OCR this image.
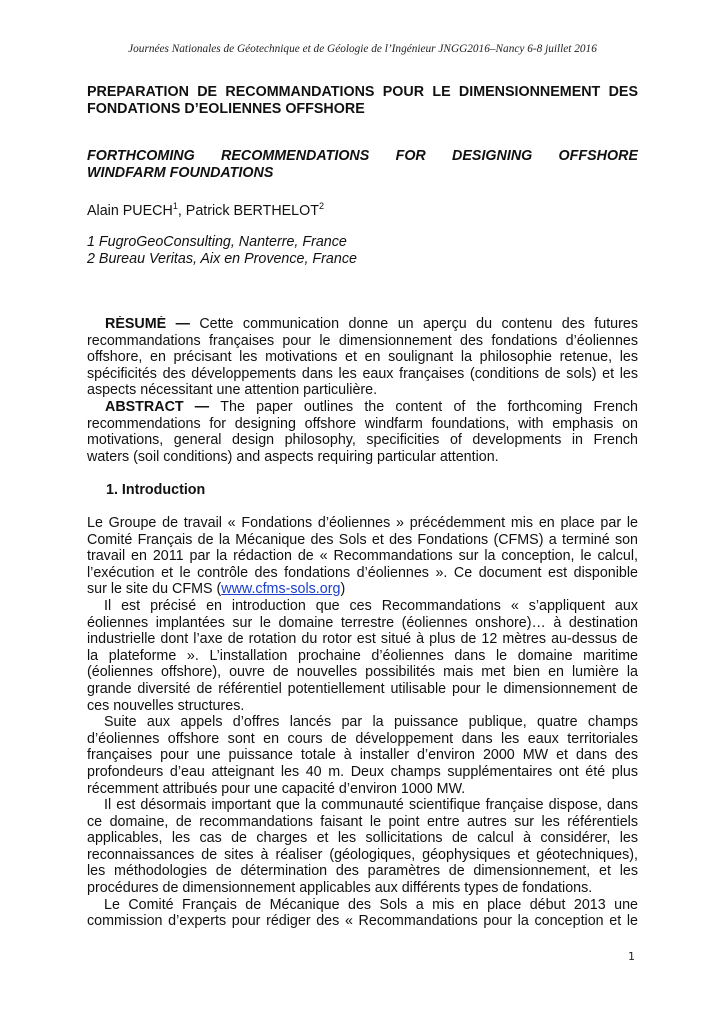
Journées Nationales de Géotechnique et de Géologie de l’Ingénieur JNGG2016–Nancy 6-8 juillet 2016
PREPARATION DE RECOMMANDATIONS POUR LE DIMENSIONNEMENT DES
FONDATIONS D’EOLIENNES OFFSHORE
FORTHCOMING RECOMMENDATIONS FOR DESIGNING OFFSHORE
WINDFARM FOUNDATIONS
Alain PUECH$^1$, Patrick BERTHELOT$^2$
1 FugroGeoConsulting, Nanterre, France
2 Bureau Veritas, Aix en Provence, France
RÉSUMÉ — Cette communication donne un aperçu du contenu des futures
recommandations françaises pour le dimensionnement des fondations d’éoliennes
offshore, en précisant les motivations et en soulignant la philosophie retenue, les
spécificités des développements dans les eaux françaises (conditions de sols) et les
aspects nécessitant une attention particulière.
ABSTRACT — The paper outlines the content of the forthcoming French
recommendations for designing offshore windfarm foundations, with emphasis on
motivations, general design philosophy, specificities of developments in French
waters (soil conditions) and aspects requiring particular attention.
1. Introduction
Le Groupe de travail « Fondations d’éoliennes » précédemment mis en place par le
Comité Français de la Mécanique des Sols et des Fondations (CFMS) a terminé son
travail en 2011 par la rédaction de « Recommandations sur la conception, le calcul,
l’exécution et le contrôle des fondations d’éoliennes ». Ce document est disponible
sur le site du CFMS (www.cfms-sols.org)
Il est précisé en introduction que ces Recommandations « s’appliquent aux
éoliennes implantées sur le domaine terrestre (éoliennes onshore)… à destination
industrielle dont l’axe de rotation du rotor est situé à plus de 12 mètres au-dessus de
la plateforme ». L’installation prochaine d’éoliennes dans le domaine maritime
(éoliennes offshore), ouvre de nouvelles possibilités mais met bien en lumière la
grande diversité de référentiel potentiellement utilisable pour le dimensionnement de
ces nouvelles structures.
Suite aux appels d’offres lancés par la puissance publique, quatre champs
d’éoliennes offshore sont en cours de développement dans les eaux territoriales
françaises pour une puissance totale à installer d’environ 2000 MW et dans des
profondeurs d’eau atteignant les 40 m. Deux champs supplémentaires ont été plus
récemment attribués pour une capacité d’environ 1000 MW.
Il est désormais important que la communauté scientifique française dispose, dans
ce domaine, de recommandations faisant le point entre autres sur les référentiels
applicables, les cas de charges et les sollicitations de calcul à considérer, les
reconnaissances de sites à réaliser (géologiques, géophysiques et géotechniques),
les méthodologies de détermination des paramètres de dimensionnement, et les
procédures de dimensionnement applicables aux différents types de fondations.
Le Comité Français de Mécanique des Sols a mis en place début 2013 une
commission d’experts pour rédiger des « Recommandations pour la conception et le
1
